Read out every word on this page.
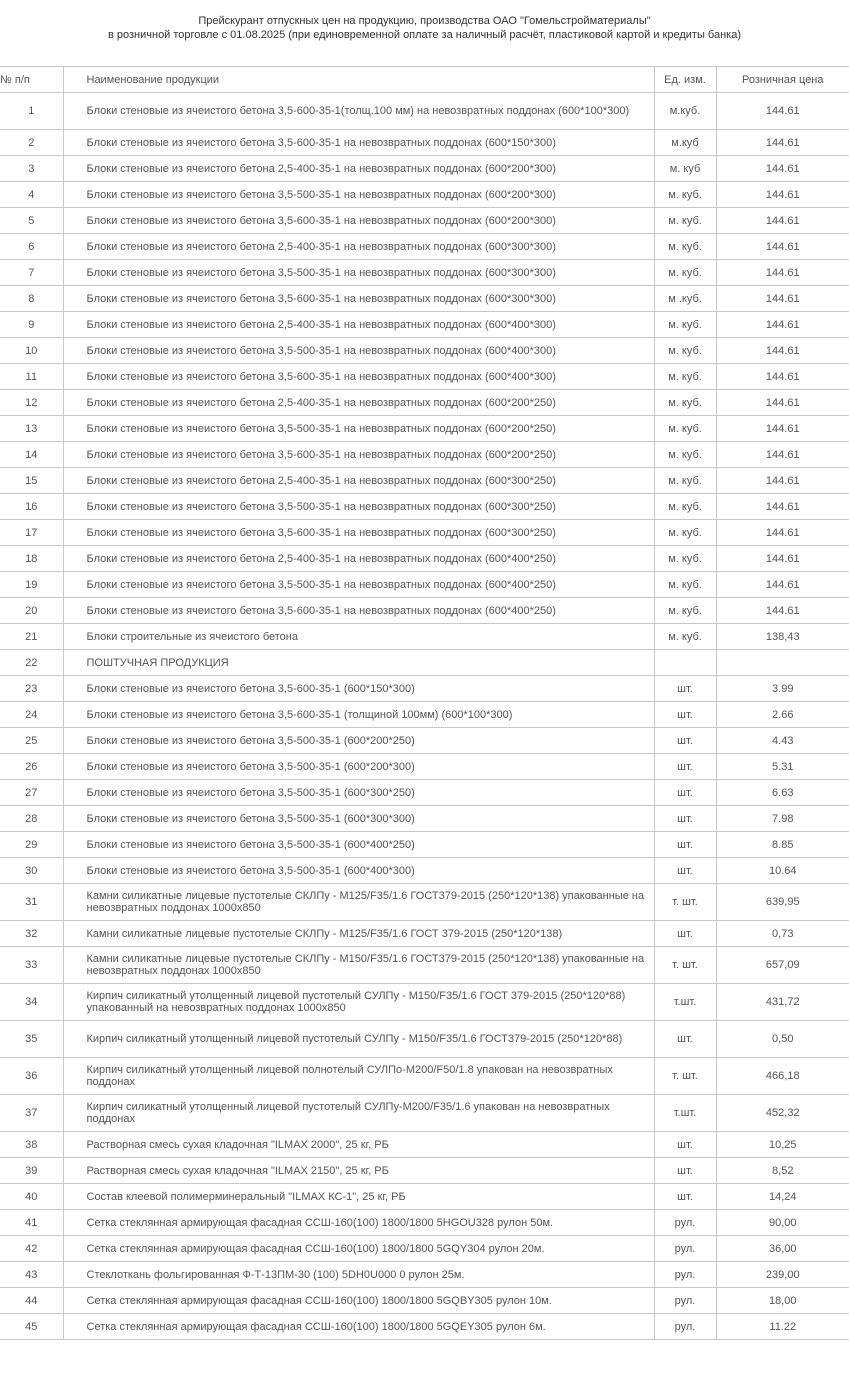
Прейскурант отпускных цен на продукцию, производства ОАО "Гомельстройматериалы"
в розничной торговле с 01.08.2025 (при единовременной оплате за наличный расчёт, пластиковой картой и кредиты банка)
№ п/п	Наименование продукции	Ед. изм.	Розничная цена
1	Блоки стеновые из ячеистого бетона 3,5-600-35-1(толщ.100 мм) на невозвратных поддонах (600*100*300)	м.куб.	144.61
2	Блоки стеновые из ячеистого бетона 3,5-600-35-1 на невозвратных поддонах (600*150*300)	м.куб	144.61
3	Блоки стеновые из ячеистого бетона 2,5-400-35-1 на невозвратных поддонах (600*200*300)	м. куб	144.61
4	Блоки стеновые из ячеистого бетона 3,5-500-35-1 на невозвратных поддонах (600*200*300)	м. куб.	144.61
5	Блоки стеновые из ячеистого бетона 3,5-600-35-1 на невозвратных поддонах (600*200*300)	м. куб.	144.61
6	Блоки стеновые из ячеистого бетона 2,5-400-35-1 на невозвратных поддонах (600*300*300)	м. куб.	144.61
7	Блоки стеновые из ячеистого бетона 3,5-500-35-1 на невозвратных поддонах (600*300*300)	м. куб.	144.61
8	Блоки стеновые из ячеистого бетона 3,5-600-35-1 на невозвратных поддонах (600*300*300)	м .куб.	144.61
9	Блоки стеновые из ячеистого бетона 2,5-400-35-1 на невозвратных поддонах (600*400*300)	м. куб.	144.61
10	Блоки стеновые из ячеистого бетона 3,5-500-35-1 на невозвратных поддонах (600*400*300)	м. куб.	144.61
11	Блоки стеновые из ячеистого бетона 3,5-600-35-1 на невозвратных поддонах (600*400*300)	м. куб.	144.61
12	Блоки стеновые из ячеистого бетона 2,5-400-35-1 на невозвратных поддонах (600*200*250)	м. куб.	144.61
13	Блоки стеновые из ячеистого бетона 3,5-500-35-1 на невозвратных поддонах (600*200*250)	м. куб.	144.61
14	Блоки стеновые из ячеистого бетона 3,5-600-35-1 на невозвратных поддонах (600*200*250)	м. куб.	144.61
15	Блоки стеновые из ячеистого бетона 2,5-400-35-1 на невозвратных поддонах (600*300*250)	м. куб.	144.61
16	Блоки стеновые из ячеистого бетона 3,5-500-35-1 на невозвратных поддонах (600*300*250)	м. куб.	144.61
17	Блоки стеновые из ячеистого бетона 3,5-600-35-1 на невозвратных поддонах (600*300*250)	м. куб.	144.61
18	Блоки стеновые из ячеистого бетона 2,5-400-35-1 на невозвратных поддонах (600*400*250)	м. куб.	144.61
19	Блоки стеновые из ячеистого бетона 3,5-500-35-1 на невозвратных поддонах (600*400*250)	м. куб.	144.61
20	Блоки стеновые из ячеистого бетона 3,5-600-35-1 на невозвратных поддонах (600*400*250)	м. куб.	144.61
21	Блоки строительные из ячеистого бетона	м. куб.	138,43
22	ПОШТУЧНАЯ ПРОДУКЦИЯ		
23	Блоки стеновые из ячеистого бетона 3,5-600-35-1 (600*150*300)	шт.	3.99
24	Блоки стеновые из ячеистого бетона 3,5-600-35-1 (толщиной 100мм) (600*100*300)	шт.	2.66
25	Блоки стеновые из ячеистого бетона 3,5-500-35-1 (600*200*250)	шт.	4.43
26	Блоки стеновые из ячеистого бетона 3,5-500-35-1 (600*200*300)	шт.	5.31
27	Блоки стеновые из ячеистого бетона 3,5-500-35-1 (600*300*250)	шт.	6.63
28	Блоки стеновые из ячеистого бетона 3,5-500-35-1 (600*300*300)	шт.	7.98
29	Блоки стеновые из ячеистого бетона 3,5-500-35-1 (600*400*250)	шт.	8.85
30	Блоки стеновые из ячеистого бетона 3,5-500-35-1 (600*400*300)	шт.	10.64
31	Камни силикатные лицевые пустотелые СКЛПу - М125/F35/1.6 ГОСТ379-2015 (250*120*138) упакованные на невозвратных поддонах 1000х850	т. шт.	639,95
32	Камни силикатные лицевые пустотелые СКЛПу - М125/F35/1.6 ГОСТ 379-2015 (250*120*138)	шт.	0,73
33	Камни силикатные лицевые пустотелые СКЛПу - М150/F35/1.6 ГОСТ379-2015 (250*120*138) упакованные на невозвратных поддонах 1000х850	т. шт.	657,09
34	Кирпич силикатный утолщенный лицевой пустотелый СУЛПу - М150/F35/1.6 ГОСТ 379-2015 (250*120*88) упакованный на невозвратных поддонах 1000х850	т.шт.	431,72
35	Кирпич силикатный утолщенный лицевой пустотелый СУЛПу - М150/F35/1.6 ГОСТ379-2015 (250*120*88)	шт.	0,50
36	Кирпич силикатный утолщенный лицевой полнотелый СУЛПо-М200/F50/1.8 упакован на невозвратных поддонах	т. шт.	466,18
37	Кирпич силикатный утолщенный лицевой пустотелый СУЛПу-М200/F35/1.6 упакован на невозвратных поддонах	т.шт.	452,32
38	Растворная смесь сухая кладочная "ILMAX 2000", 25 кг, РБ	шт.	10,25
39	Растворная смесь сухая кладочная "ILMAX 2150", 25 кг, РБ	шт.	8,52
40	Состав клеевой полимерминеральный "ILMAX КС-1", 25 кг, РБ	шт.	14,24
41	Сетка стеклянная армирующая фасадная ССШ-160(100) 1800/1800 5HGOU328 рулон 50м.	рул.	90,00
42	Сетка стеклянная армирующая фасадная ССШ-160(100) 1800/1800 5GQY304 рулон 20м.	рул.	36,00
43	Стеклоткань фольгированная Ф-Т-13ПМ-30 (100) 5DH0U000 0 рулон 25м.	рул.	239,00
44	Сетка стеклянная армирующая фасадная ССШ-160(100) 1800/1800 5GQBY305 рулон 10м.	рул.	18,00
45	Сетка стеклянная армирующая фасадная ССШ-160(100) 1800/1800 5GQEY305 рулон 6м.	рул.	11.22
